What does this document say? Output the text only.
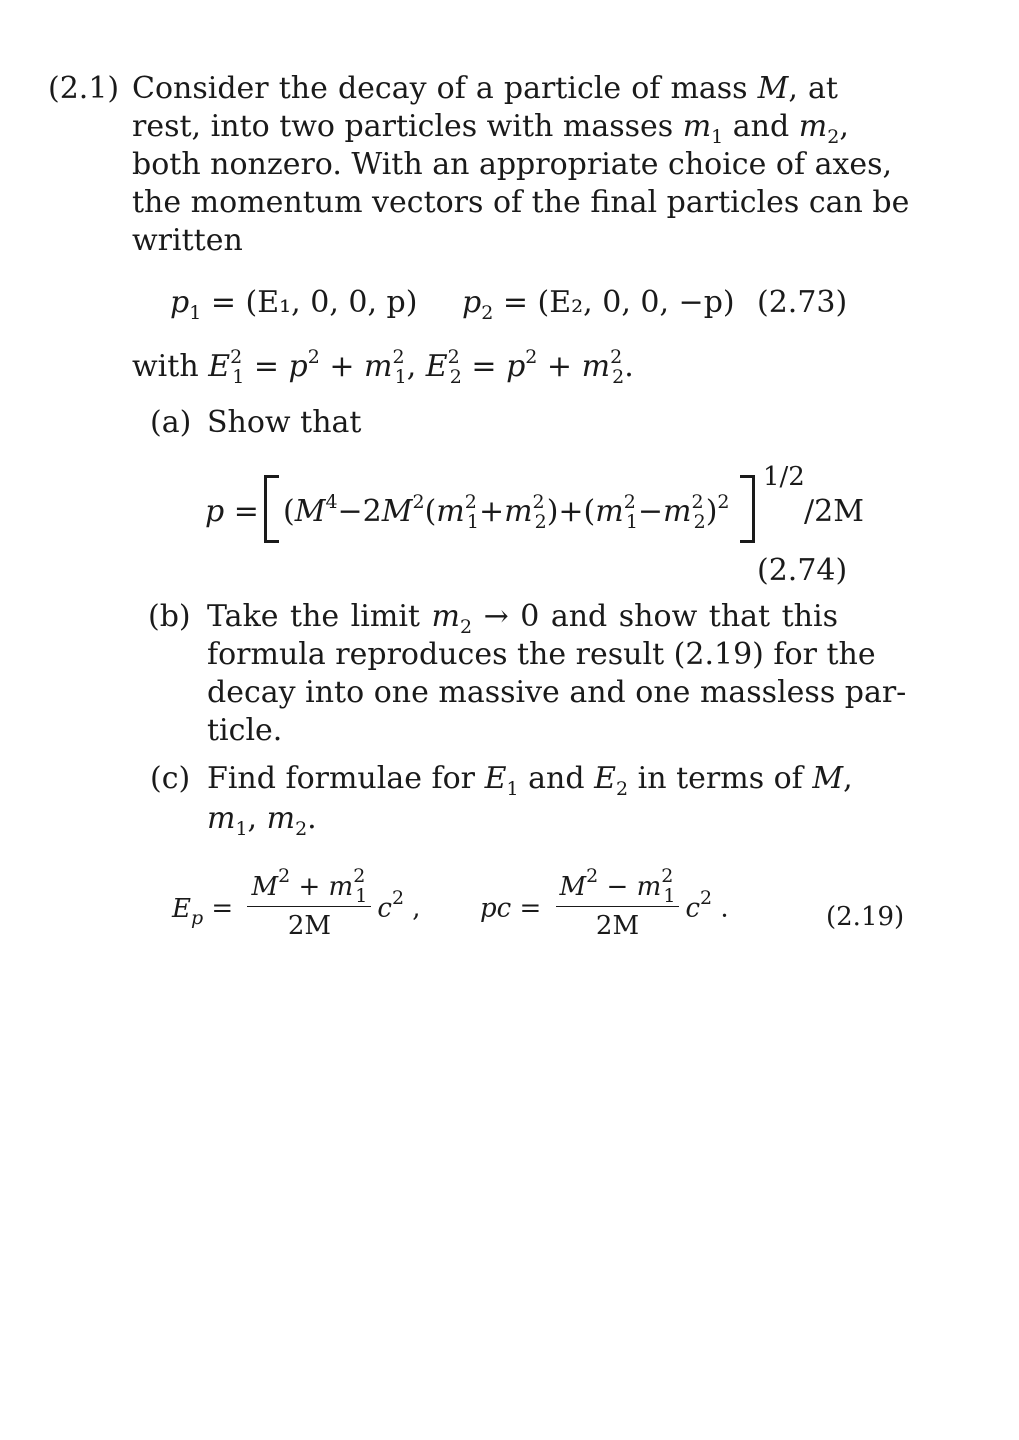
(2.1) Consider the decay of a particle of mass M, at
rest, into two particles with masses $m_1$ and $m_2$,
both nonzero. With an appropriate choice of axes,
the momentum vectors of the final particles can be
written
$p_1 = (E_1$, 0, 0, p) $p_2 = (E_2$, 0, 0, −p) (2.73)
with $E^2_1 = p^2 + m^2_1$, $E^2_2 = p^2 + m^2_2$.
(a) Show that
$p = (M^4-2M^2(m^2_1+m^2_2)+(m^2_1-m^2_2)^2$
1/2
/2M
(2.74)
(b) Take the limit $m_2 \to 0$ and show that this
formula reproduces the result (2.19) for the
decay into one massive and one massless par-
ticle.
(c) Find formulae for $E_1$ and $E_2$ in terms of M,
$m_1$, $m_2$.
$E_p = \frac{M^2 + m^2_1}{2M} c^2$ , pc = $\frac{M^2 - m^2_1}{2M} c^2$ .	(2.19)
